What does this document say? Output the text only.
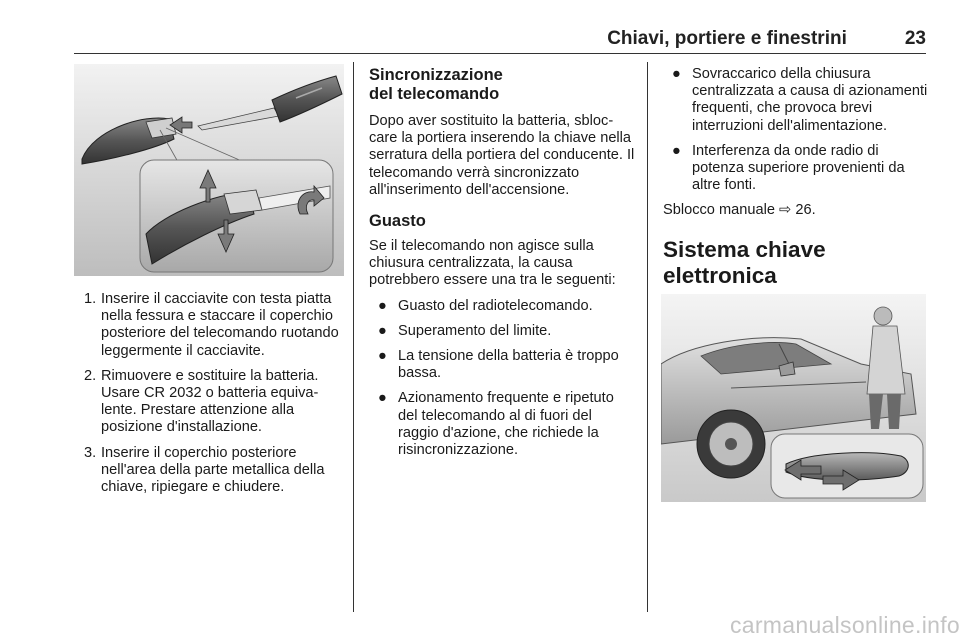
Chiavi, portiere e finestrini	23
1. Inserire il cacciavite con testa piatta nella fessura e staccare il coperchio posteriore del telecomando ruotando leggermente il cacciavite.
2. Rimuovere e sostituire la batteria. Usare CR 2032 o batteria equivalente. Prestare attenzione alla posizione d'installazione.
3. Inserire il coperchio posteriore nell'area della parte metallica della chiave, ripiegare e chiudere.

Sincronizzazione del telecomando

Dopo aver sostituito la batteria, sbloccare la portiera inserendo la chiave nella serratura della portiera del conducente. Il telecomando verrà sincronizzato all'inserimento dell'accensione.

Guasto

Se il telecomando non agisce sulla chiusura centralizzata, la causa potrebbero essere una tra le seguenti:

● Guasto del radiotelecomando.
● Superamento del limite.
● La tensione della batteria è troppo bassa.
● Azionamento frequente e ripetuto del telecomando al di fuori del raggio d'azione, che richiede la risincronizzazione.
● Sovraccarico della chiusura centralizzata a causa di azionamenti frequenti, che provoca brevi interruzioni dell'alimentazione.
● Interferenza da onde radio di potenza superiore provenienti da altre fonti.

Sblocco manuale ⇨ 26.

Sistema chiave elettronica

carmanualsonline.info
